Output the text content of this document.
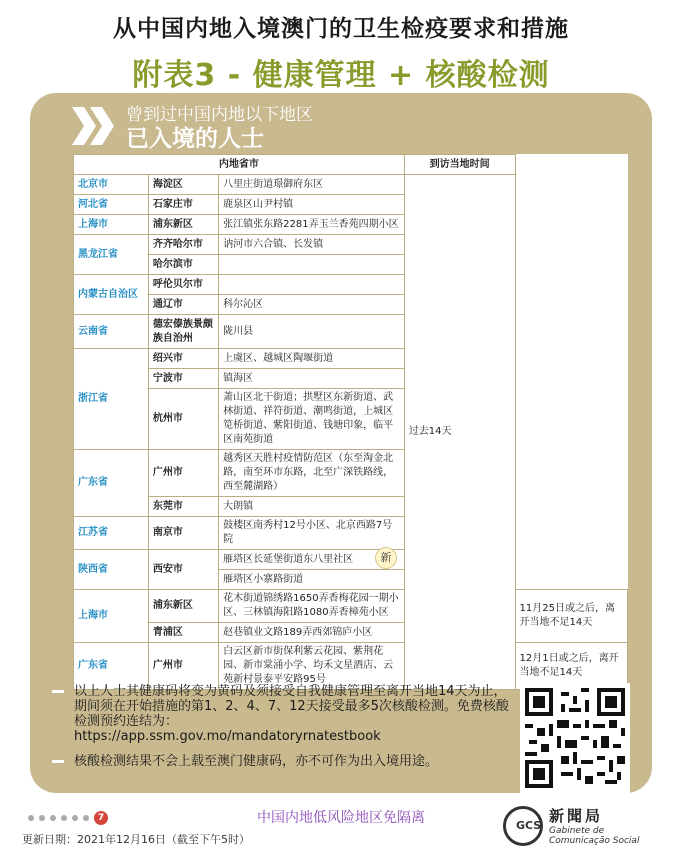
从中国内地入境澳门的卫生检疫要求和措施
附表3 - 健康管理 + 核酸检测
曾到过中国内地以下地区
已入境的人士
内地省市			到访当地时间	
北京市	海淀区	八里庄街道璟御府东区	过去14天	
河北省	石家庄市	鹿泉区山尹村镇		
上海市	浦东新区	张江镇张东路2281弄玉兰香苑四期小区		
黑龙江省	齐齐哈尔市	讷河市六合镇、长发镇		
	哈尔滨市			
内蒙古自治区	呼伦贝尔市			
	通辽市	科尔沁区		
云南省	德宏傣族景颇族自治州	陇川县		
浙江省	绍兴市	上虞区、越城区陶堰街道		
	宁波市	镇海区		
	杭州市	萧山区北干街道；拱墅区东新街道、武林街道、祥符街道、潮鸣街道，上城区笕桥街道、紫阳街道、钱塘印象，临平区南苑街道		
广东省	广州市	越秀区天胜村疫情防范区（东至淘金北路，南至环市东路，北至广深铁路线，西至麓湖路）		
	东莞市	大朗镇		
江苏省	南京市	鼓楼区南秀村12号小区、北京西路7号院		
陕西省	西安市	雁塔区长延堡街道东八里社区		
		雁塔区小寨路街道		
上海市	浦东新区	花木街道锦绣路1650弄香梅花园一期小区、三林镇海阳路1080弄香樟苑小区		11月25日或之后，离开当地不足14天
	青浦区	赵巷镇业文路189弄西郊锦庐小区		
广东省	广州市	白云区新市街保利紫云花园、紫荆花园、新市棠涌小学、均禾文星酒店、云苑新村景泰平安路95号		12月1日或之后，离开当地不足14天
新
以上人士其健康码将变为黄码及须接受自我健康管理至离开当地14天为止，期间须在开始措施的第1、2、4、7、12天接受最多5次核酸检测。免费核酸检测预约连结为：
https://app.ssm.gov.mo/mandatoryrnatestbook
核酸检测结果不会上载至澳门健康码，亦不可作为出入境用途。
7	中国内地低风险地区免隔离
更新日期：2021年12月16日（截至下午5时）
GCS 新聞局
Gabinete de
Comunicação Social
